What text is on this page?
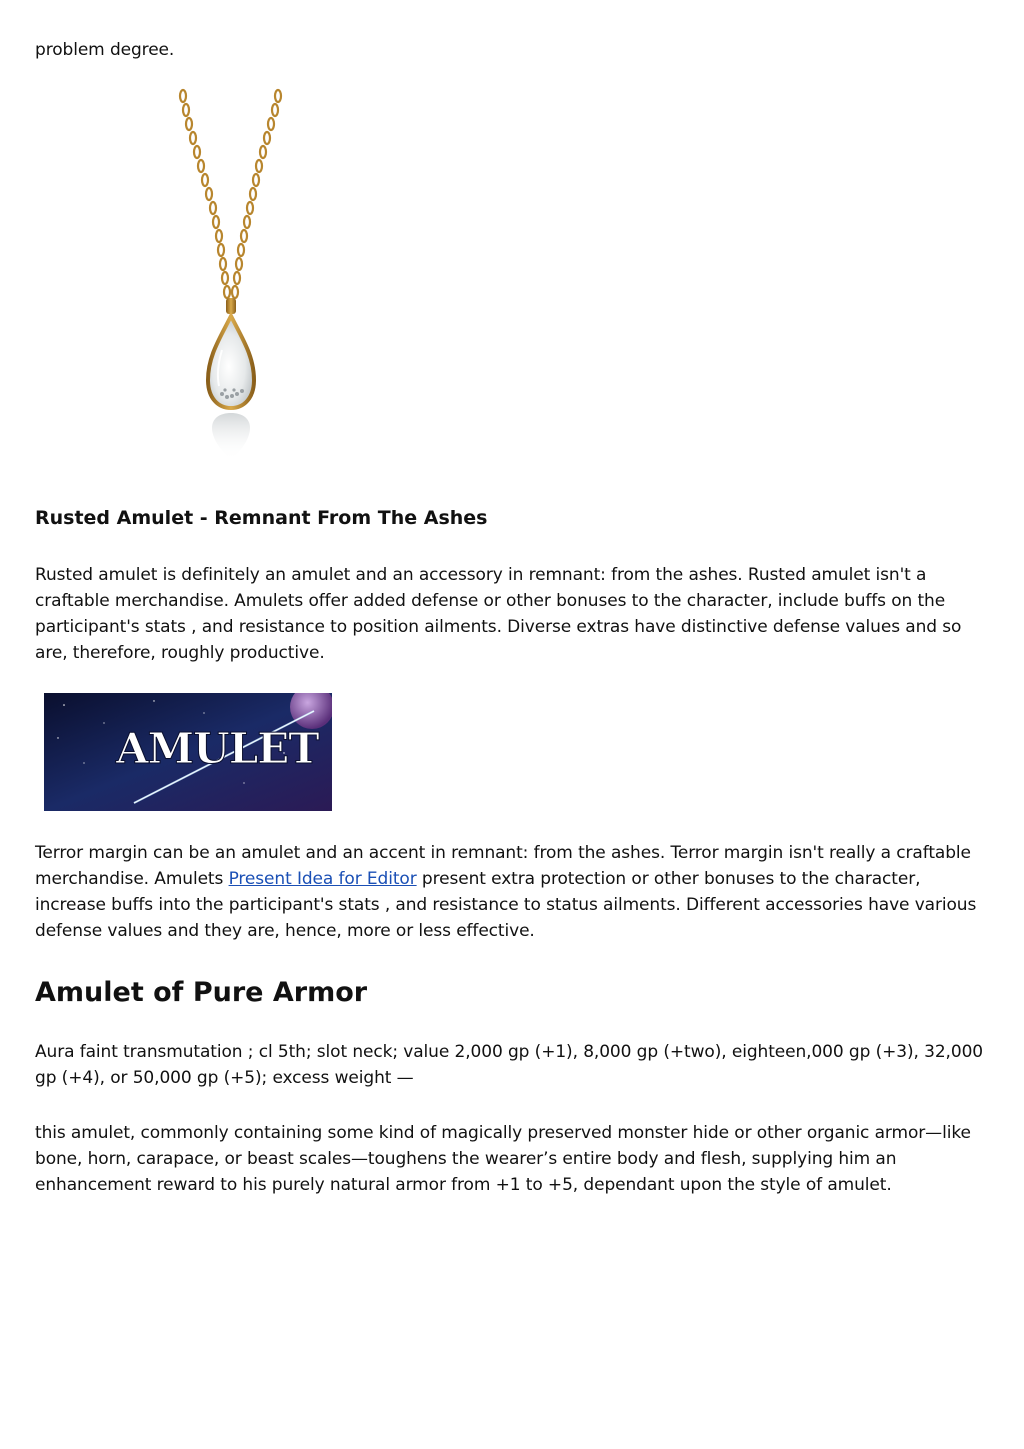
problem degree.

Rusted Amulet - Remnant From The Ashes

Rusted amulet is definitely an amulet and an accessory in remnant: from the ashes. Rusted amulet isn't a craftable merchandise. Amulets offer added defense or other bonuses to the character, include buffs on the participant's stats , and resistance to position ailments. Diverse extras have distinctive defense values and so are, therefore, roughly productive.

AMULET

Terror margin can be an amulet and an accent in remnant: from the ashes. Terror margin isn't really a craftable merchandise. Amulets Present Idea for Editor present extra protection or other bonuses to the character, increase buffs into the participant's stats , and resistance to status ailments. Different accessories have various defense values and they are, hence, more or less effective.

Amulet of Pure Armor

Aura faint transmutation ; cl 5th; slot neck; value 2,000 gp (+1), 8,000 gp (+two), eighteen,000 gp (+3), 32,000 gp (+4), or 50,000 gp (+5); excess weight —

this amulet, commonly containing some kind of magically preserved monster hide or other organic armor—like bone, horn, carapace, or beast scales—toughens the wearer’s entire body and flesh, supplying him an enhancement reward to his purely natural armor from +1 to +5, dependant upon the style of amulet.
